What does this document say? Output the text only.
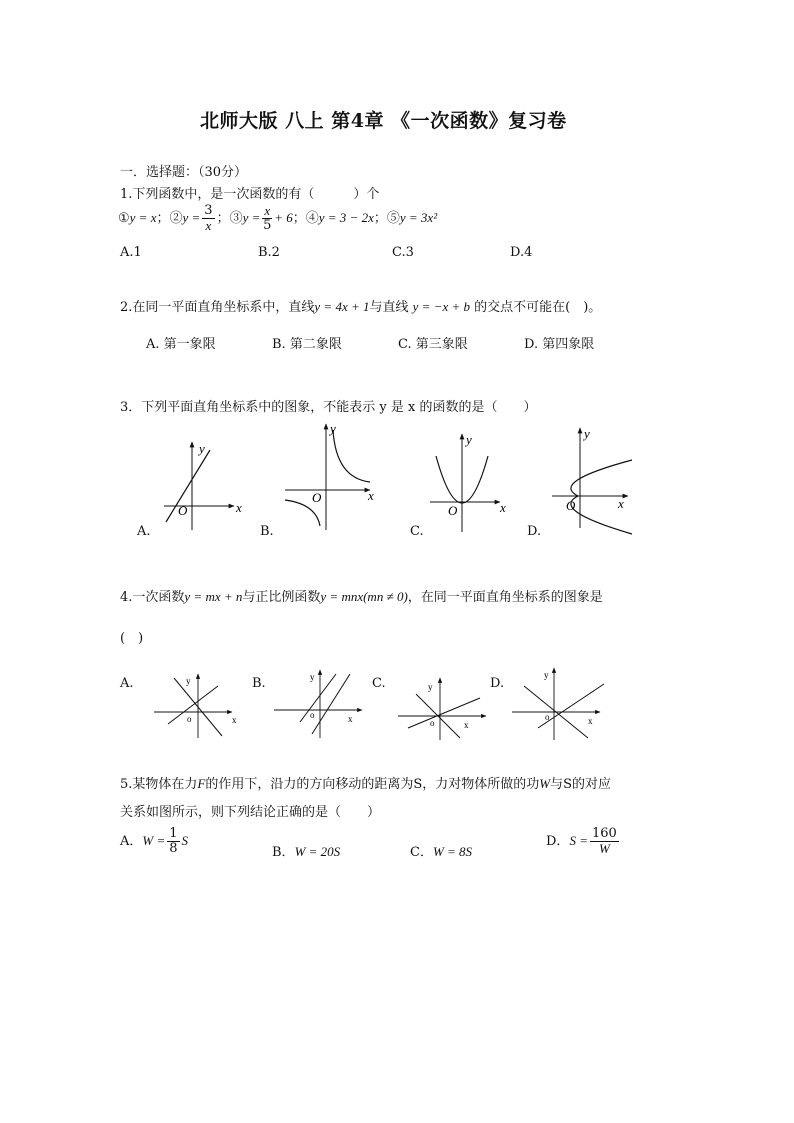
北师大版 八上 第4章 《一次函数》复习卷
一．选择题：（30分）
1.下列函数中，是一次函数的有（　　　）个
①y = x；②y = $\frac{3}{x}$ ；③y = $\frac{x}{5} + 6$；④y = 3 − 2x；⑤y = 3x²
A.1	B.2	C.3	D.4
2.在同一平面直角坐标系中，直线y = 4x + 1与直线 y = −x + b 的交点不可能在(　)。
A. 第一象限	B. 第二象限	C. 第三象限	D. 第四象限
3．下列平面直角坐标系中的图象，不能表示 y 是 x 的函数的是（　　）
x
y
O
x
y
O
x
y
O	x
y
O
A.	B.	C.	D.
4.一次函数y = mx + n与正比例函数y = mnx(mn ≠ 0)，在同一平面直角坐标系的图象是
(　)
A.	B.	C.	D.
x
y
o	x
y
o
x
y
o	x
y
o
5.某物体在力F的作用下，沿力的方向移动的距离为S，力对物体所做的功W与S的对应
关系如图所示，则下列结论正确的是（　　）
A．$W = \frac{1}{8}$ S
B．W = 20S	C．W = 8S
D．$S = \frac{160}{W}$
